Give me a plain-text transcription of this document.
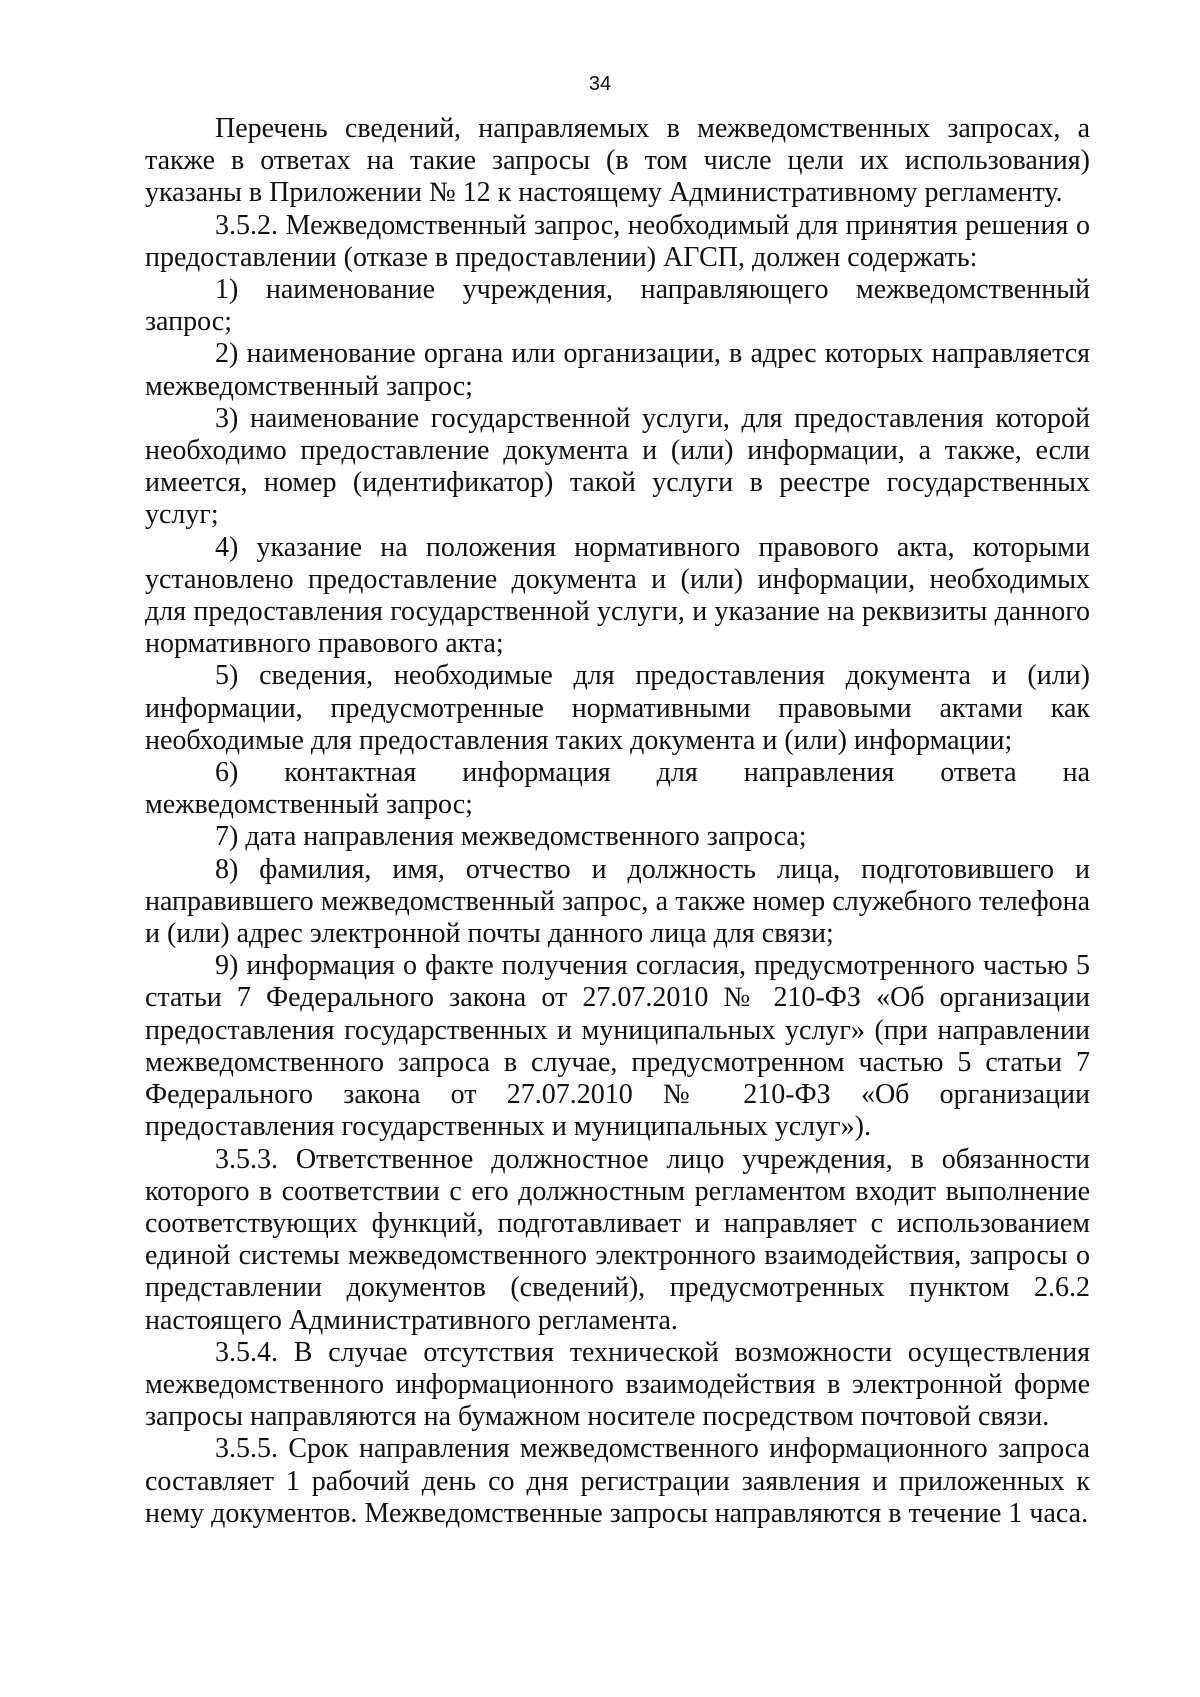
34

Перечень сведений, направляемых в межведомственных запросах, а также в ответах на такие запросы (в том числе цели их использования) указаны в Приложении № 12 к настоящему Административному регламенту.

3.5.2. Межведомственный запрос, необходимый для принятия решения о предоставлении (отказе в предоставлении) АГСП, должен содержать:

1) наименование учреждения, направляющего межведомственный запрос;

2) наименование органа или организации, в адрес которых направляется межведомственный запрос;

3) наименование государственной услуги, для предоставления которой необходимо предоставление документа и (или) информации, а также, если имеется, номер (идентификатор) такой услуги в реестре государственных услуг;

4) указание на положения нормативного правового акта, которыми установлено предоставление документа и (или) информации, необходимых для предоставления государственной услуги, и указание на реквизиты данного нормативного правового акта;

5) сведения, необходимые для предоставления документа и (или) информации, предусмотренные нормативными правовыми актами как необходимые для предоставления таких документа и (или) информации;

6) контактная информация для направления ответа на межведомственный запрос;

7) дата направления межведомственного запроса;

8) фамилия, имя, отчество и должность лица, подготовившего и направившего межведомственный запрос, а также номер служебного телефона и (или) адрес электронной почты данного лица для связи;

9) информация о факте получения согласия, предусмотренного частью 5 статьи 7 Федерального закона от 27.07.2010 № 210-ФЗ «Об организации предоставления государственных и муниципальных услуг» (при направлении межведомственного запроса в случае, предусмотренном частью 5 статьи 7 Федерального закона от 27.07.2010 № 210-ФЗ «Об организации предоставления государственных и муниципальных услуг»).

3.5.3. Ответственное должностное лицо учреждения, в обязанности которого в соответствии с его должностным регламентом входит выполнение соответствующих функций, подготавливает и направляет с использованием единой системы межведомственного электронного взаимодействия, запросы о представлении документов (сведений), предусмотренных пунктом 2.6.2 настоящего Административного регламента.

3.5.4. В случае отсутствия технической возможности осуществления межведомственного информационного взаимодействия в электронной форме запросы направляются на бумажном носителе посредством почтовой связи.

3.5.5. Срок направления межведомственного информационного запроса составляет 1 рабочий день со дня регистрации заявления и приложенных к нему документов. Межведомственные запросы направляются в течение 1 часа.
